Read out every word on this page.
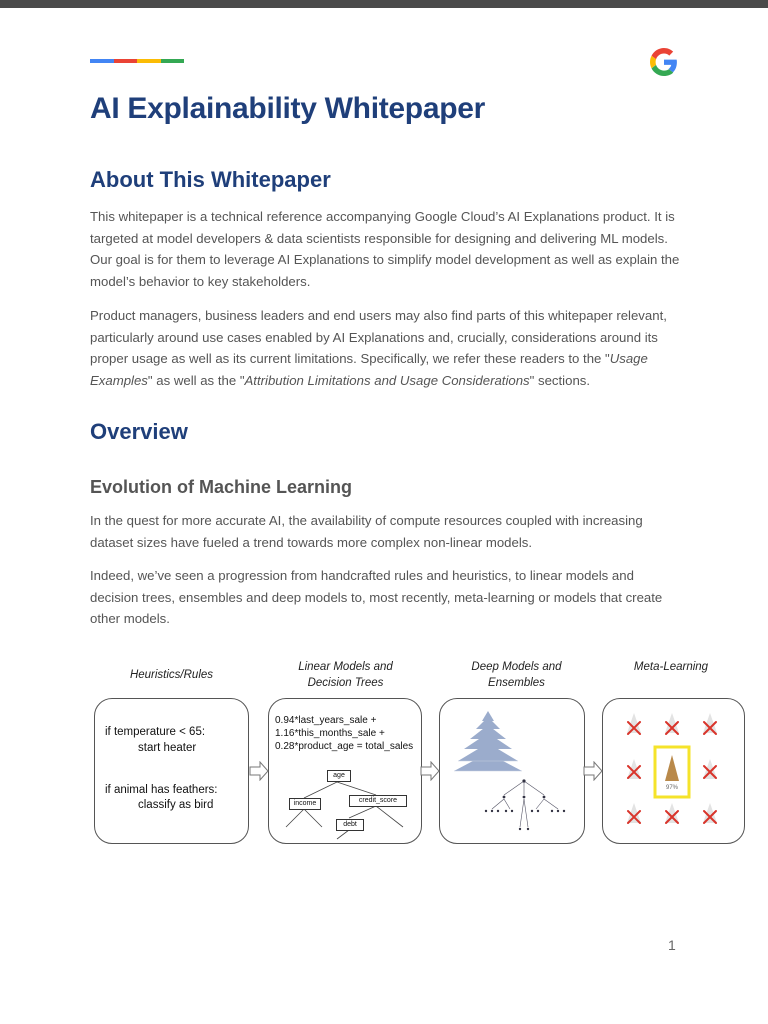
AI Explainability Whitepaper
About This Whitepaper

This whitepaper is a technical reference accompanying Google Cloud’s AI Explanations product. It is targeted at model developers & data scientists responsible for designing and delivering ML models. Our goal is for them to leverage AI Explanations to simplify model development as well as explain the model’s behavior to key stakeholders.

Product managers, business leaders and end users may also find parts of this whitepaper relevant, particularly around use cases enabled by AI Explanations and, crucially, considerations around its proper usage as well as its current limitations. Specifically, we refer these readers to the "Usage Examples" as well as the "Attribution Limitations and Usage Considerations" sections.

Overview
Evolution of Machine Learning

In the quest for more accurate AI, the availability of compute resources coupled with increasing dataset sizes have fueled a trend towards more complex non-linear models.

Indeed, we’ve seen a progression from handcrafted rules and heuristics, to linear models and decision trees, ensembles and deep models to, most recently, meta-learning or models that create other models.

Heuristics/Rules
Linear Models and
Decision Trees
Deep Models and
Ensembles
Meta-Learning
if temperature < 65:
start heater
if animal has feathers:
classify as bird
0.94*last_years_sale +
1.16*this_months_sale +
0.28*product_age = total_sales
age
income	credit_score
debt
97%
1
